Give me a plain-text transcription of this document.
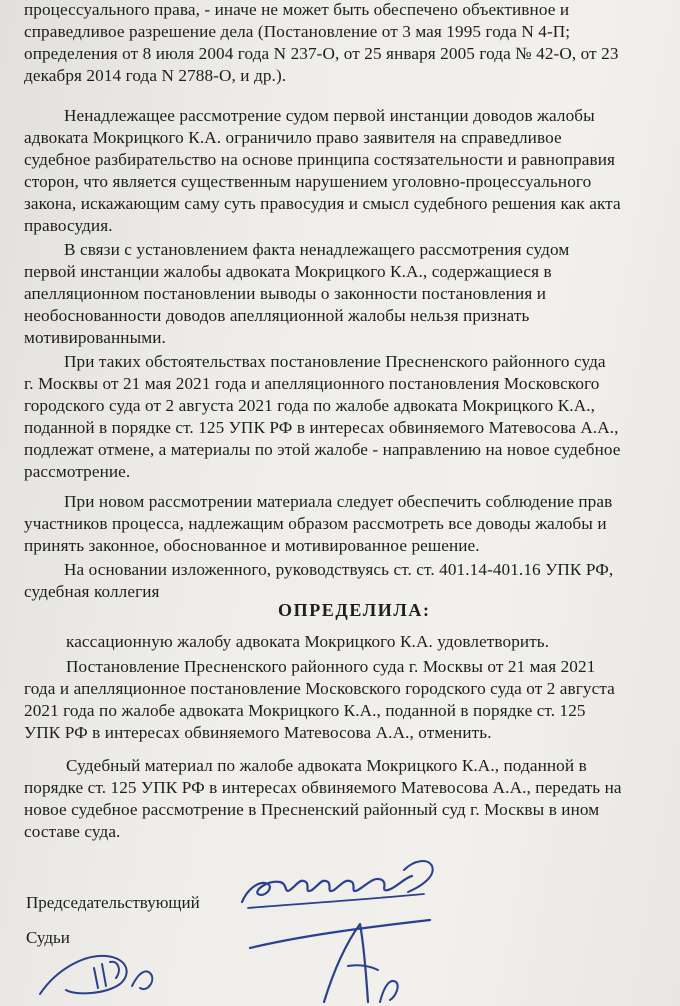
процессуального права, - иначе не может быть обеспечено объективное и
справедливое разрешение дела (Постановление от 3 мая 1995 года N 4-П;
определения от 8 июля 2004 года N 237-О, от 25 января 2005 года № 42-О, от 23
декабря 2014 года N 2788-О, и др.).
Ненадлежащее рассмотрение судом первой инстанции доводов жалобы
адвоката Мокрицкого К.А. ограничило право заявителя на справедливое
судебное разбирательство на основе принципа состязательности и равноправия
сторон, что является существенным нарушением уголовно-процессуального
закона, искажающим саму суть правосудия и смысл судебного решения как акта
правосудия.
В связи с установлением факта ненадлежащего рассмотрения судом
первой инстанции жалобы адвоката Мокрицкого К.А., содержащиеся в
апелляционном постановлении выводы о законности постановления и
необоснованности доводов апелляционной жалобы нельзя признать
мотивированными.
При таких обстоятельствах постановление Пресненского районного суда
г. Москвы от 21 мая 2021 года и апелляционного постановления Московского
городского суда от 2 августа 2021 года по жалобе адвоката Мокрицкого К.А.,
поданной в порядке ст. 125 УПК РФ в интересах обвиняемого Матевосова А.А.,
подлежат отмене, а материалы по этой жалобе - направлению на новое судебное
рассмотрение.
При новом рассмотрении материала следует обеспечить соблюдение прав
участников процесса, надлежащим образом рассмотреть все доводы жалобы и
принять законное, обоснованное и мотивированное решение.
На основании изложенного, руководствуясь ст. ст. 401.14-401.16 УПК РФ,
судебная коллегия
ОПРЕДЕЛИЛА:
кассационную жалобу адвоката Мокрицкого К.А. удовлетворить.
Постановление Пресненского районного суда г. Москвы от 21 мая 2021
года и апелляционное постановление Московского городского суда от 2 августа
2021 года по жалобе адвоката Мокрицкого К.А., поданной в порядке ст. 125
УПК РФ в интересах обвиняемого Матевосова А.А., отменить.
Судебный материал по жалобе адвоката Мокрицкого К.А., поданной в
порядке ст. 125 УПК РФ в интересах обвиняемого Матевосова А.А., передать на
новое судебное рассмотрение в Пресненский районный суд г. Москвы в ином
составе суда.
Председательствующий
Судьи
